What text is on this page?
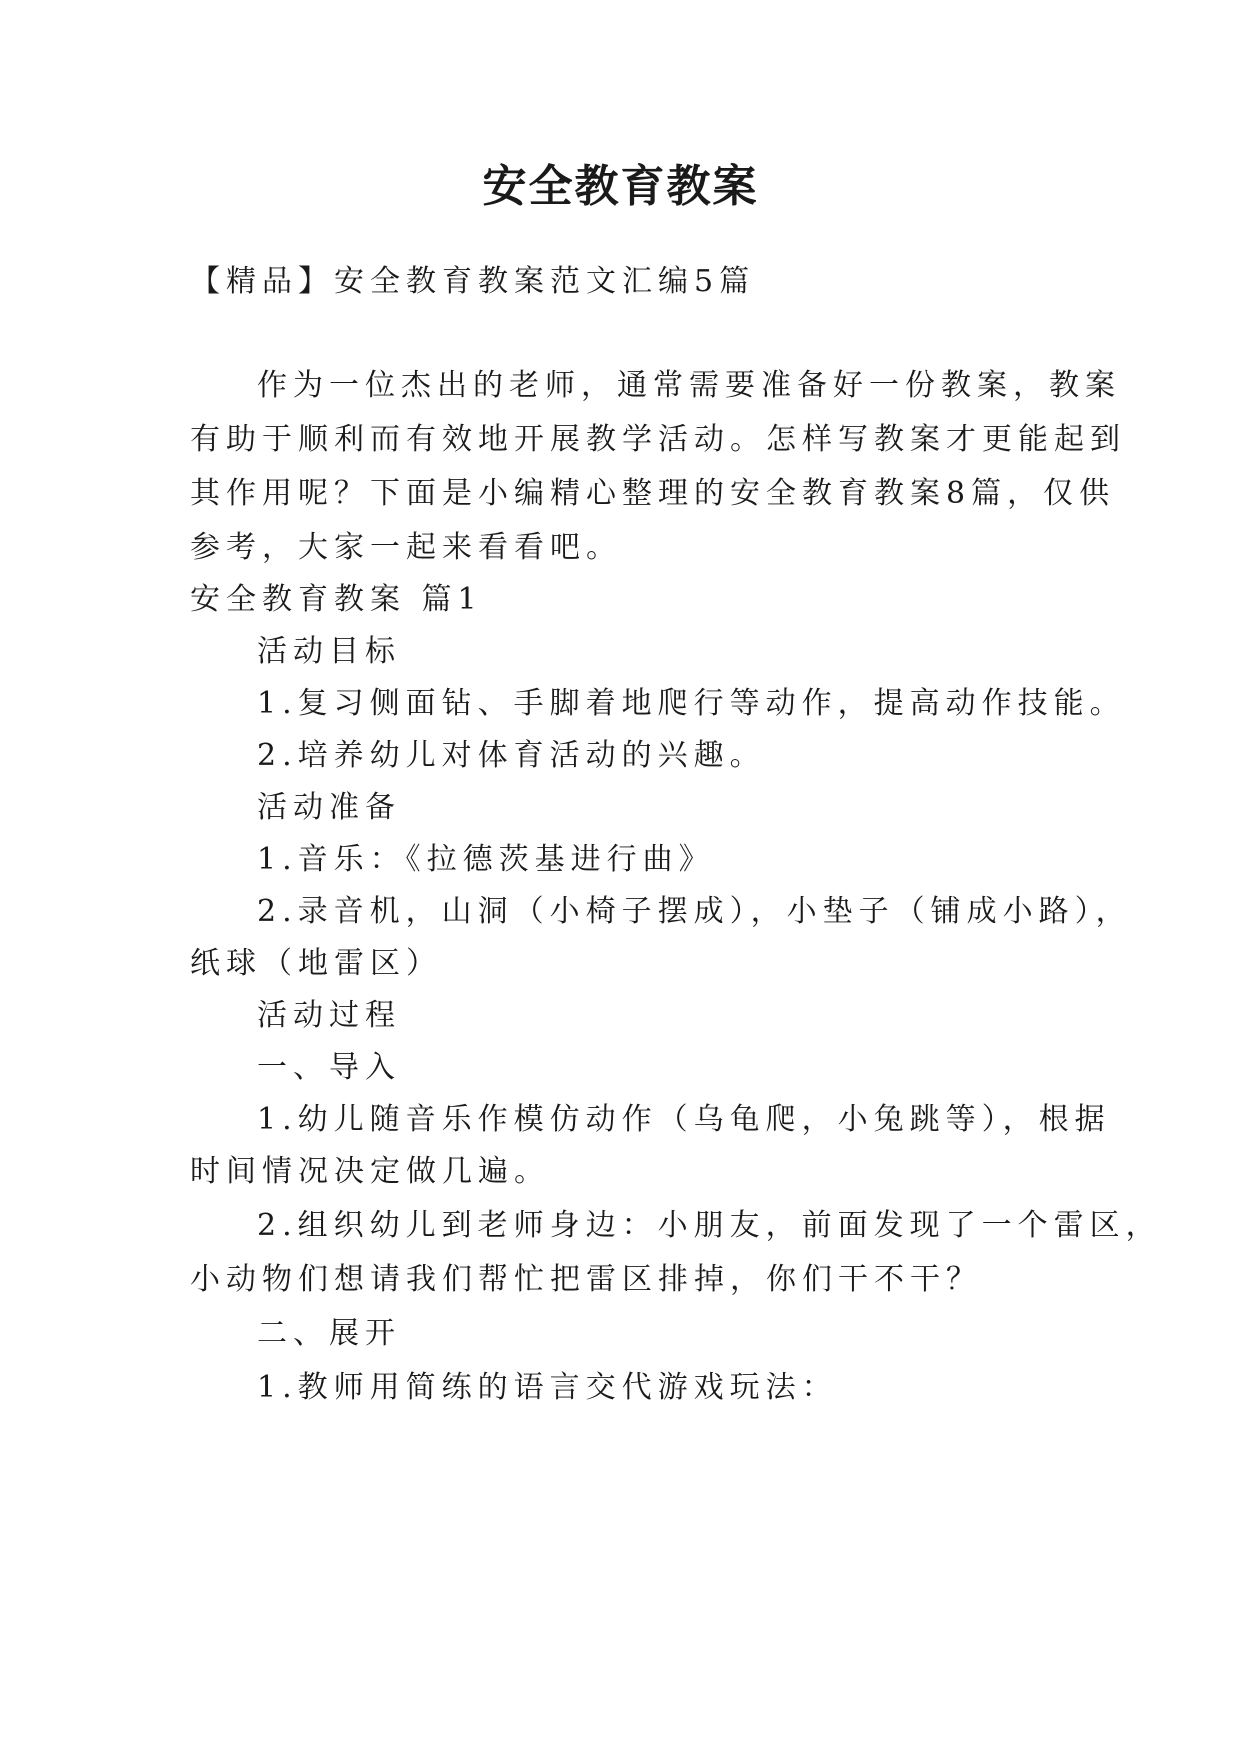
安全教育教案
【精品】安全教育教案范文汇编5篇
作为一位杰出的老师，通常需要准备好一份教案，教案
有助于顺利而有效地开展教学活动。怎样写教案才更能起到
其作用呢？下面是小编精心整理的安全教育教案8篇，仅供
参考，大家一起来看看吧。
安全教育教案 篇1
活动目标
1.复习侧面钻、手脚着地爬行等动作，提高动作技能。
2.培养幼儿对体育活动的兴趣。
活动准备
1.音乐：《拉德茨基进行曲》
2.录音机，山洞（小椅子摆成），小垫子（铺成小路），
纸球（地雷区）
活动过程
一、导入
1.幼儿随音乐作模仿动作（乌龟爬，小兔跳等），根据
时间情况决定做几遍。
2.组织幼儿到老师身边：小朋友，前面发现了一个雷区，
小动物们想请我们帮忙把雷区排掉，你们干不干？
二、展开
1.教师用简练的语言交代游戏玩法：
